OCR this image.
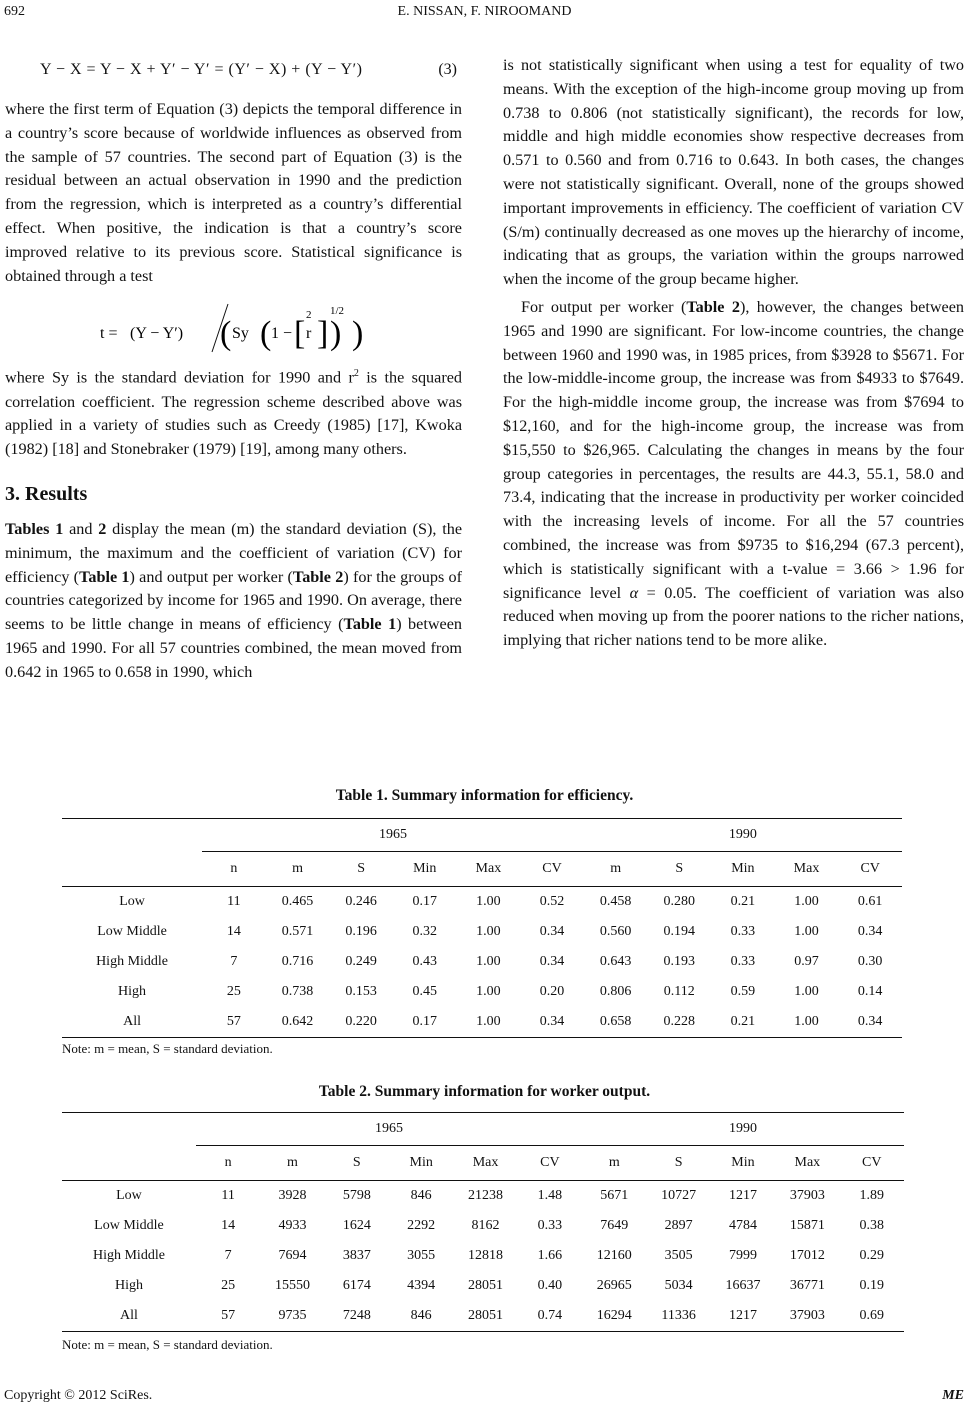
692	E. NISSAN, F. NIROOMAND
Y − X = Y − X + Y′ − Y′ = (Y′ − X) + (Y − Y′)	(3)

where the first term of Equation (3) depicts the temporal difference in a country’s score because of worldwide influences as observed from the sample of 57 countries. The second part of Equation (3) is the residual between an actual observation in 1990 and the prediction from the regression, which is interpreted as a country’s differential effect. When positive, the indication is that a country’s score improved relative to its previous score. Statistical significance is obtained through a test

t = (Y − Y′) ( Sy ( 1 − [ r
2 ] )
1/2
)

where Sy is the standard deviation for 1990 and $r^2$ is the squared correlation coefficient. The regression scheme described above was applied in a variety of studies such as Creedy (1985) [17], Kwoka (1982) [18] and Stonebraker (1979) [19], among many others.

3. Results

Tables 1 and 2 display the mean (m) the standard deviation (S), the minimum, the maximum and the coefficient of variation (CV) for efficiency (Table 1) and output per worker (Table 2) for the groups of countries categorized by income for 1965 and 1990. On average, there seems to be little change in means of efficiency (Table 1) between 1965 and 1990. For all 57 countries combined, the mean moved from 0.642 in 1965 to 0.658 in 1990, which

is not statistically significant when using a test for equality of two means. With the exception of the high-income group moving up from 0.738 to 0.806 (not statistically significant), the records for low, middle and high middle economies show respective decreases from 0.571 to 0.560 and from 0.716 to 0.643. In both cases, the changes were not statistically significant. Overall, none of the groups showed important improvements in efficiency. The coefficient of variation CV (S/m) continually decreased as one moves up the hierarchy of income, indicating that as groups, the variation within the groups narrowed when the income of the group became higher.

For output per worker (Table 2), however, the changes between 1965 and 1990 are significant. For low-income countries, the change between 1960 and 1990 was, in 1985 prices, from $3928 to $5671. For the low-middle-income group, the increase was from $4933 to $7649. For the high-middle income group, the increase was from $7694 to $12,160, and for the high-income group, the increase was from $15,550 to $26,965. Calculating the changes in means by the four group categories in percentages, the results are 44.3, 55.1, 58.0 and 73.4, indicating that the increase in productivity per worker coincided with the increasing levels of income. For all the 57 countries combined, the increase was from $9735 to $16,294 (67.3 percent), which is statistically significant with a t-value = 3.66 > 1.96 for significance level α = 0.05. The coefficient of variation was also reduced when moving up from the poorer nations to the richer nations, implying that richer nations tend to be more alike.

Table 1. Summary information for efficiency.
	1965						1990				
	n	m	S	Min	Max	CV	m	S	Min	Max	CV
Low	11	0.465	0.246	0.17	1.00	0.52	0.458	0.280	0.21	1.00	0.61
Low Middle	14	0.571	0.196	0.32	1.00	0.34	0.560	0.194	0.33	1.00	0.34
High Middle	7	0.716	0.249	0.43	1.00	0.34	0.643	0.193	0.33	0.97	0.30
High	25	0.738	0.153	0.45	1.00	0.20	0.806	0.112	0.59	1.00	0.14
All	57	0.642	0.220	0.17	1.00	0.34	0.658	0.228	0.21	1.00	0.34
Note: m = mean, S = standard deviation.
Table 2. Summary information for worker output.
	1965						1990				
	n	m	S	Min	Max	CV	m	S	Min	Max	CV
Low	11	3928	5798	846	21238	1.48	5671	10727	1217	37903	1.89
Low Middle	14	4933	1624	2292	8162	0.33	7649	2897	4784	15871	0.38
High Middle	7	7694	3837	3055	12818	1.66	12160	3505	7999	17012	0.29
High	25	15550	6174	4394	28051	0.40	26965	5034	16637	36771	0.19
All	57	9735	7248	846	28051	0.74	16294	11336	1217	37903	0.69
Note: m = mean, S = standard deviation.
Copyright © 2012 SciRes.	ME
